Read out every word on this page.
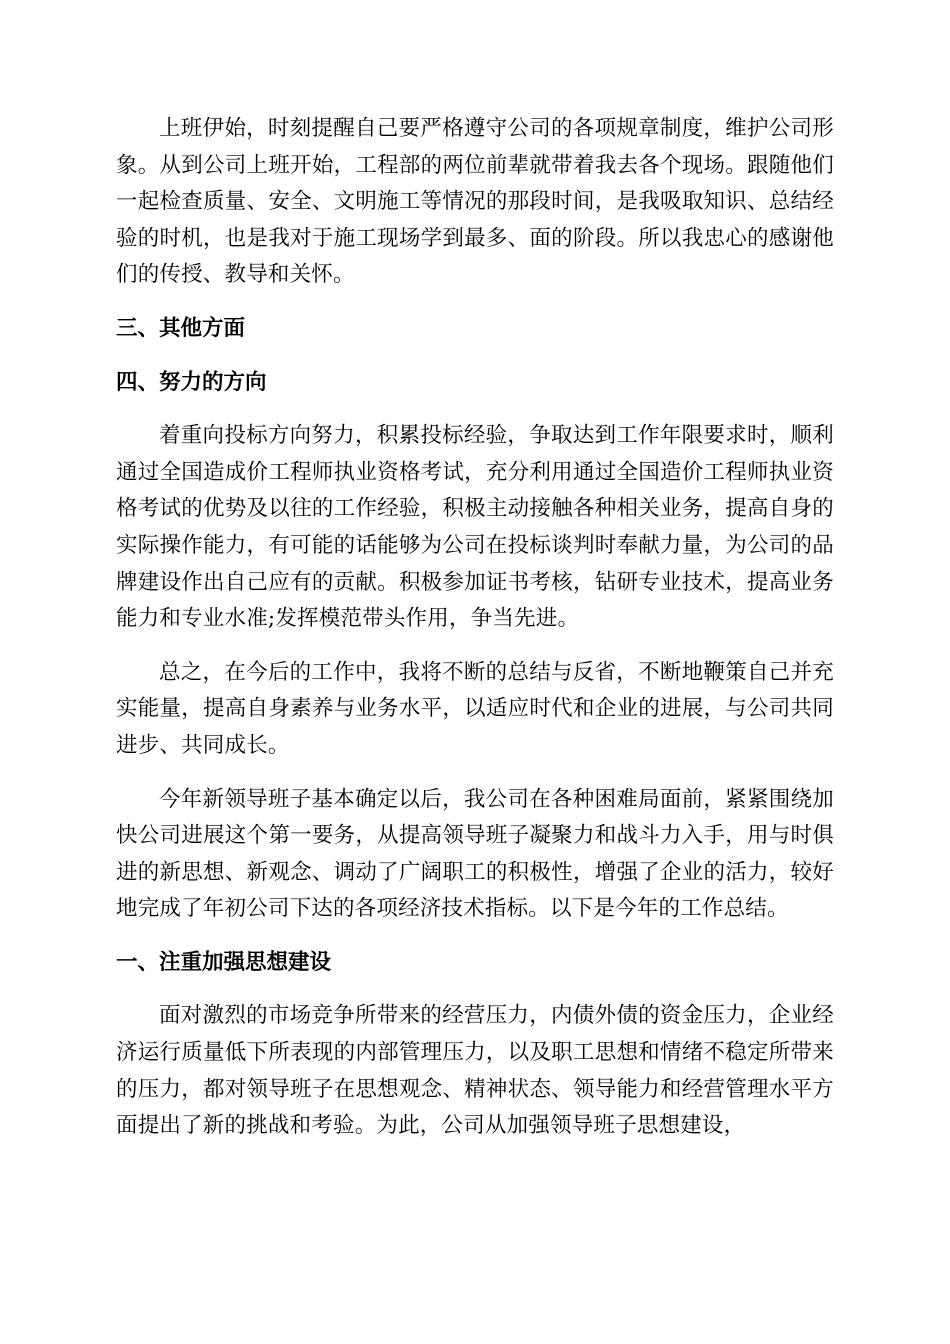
上班伊始，时刻提醒自己要严格遵守公司的各项规章制度，维护公司形象。从到公司上班开始，工程部的两位前辈就带着我去各个现场。跟随他们一起检查质量、安全、文明施工等情况的那段时间，是我吸取知识、总结经验的时机，也是我对于施工现场学到最多、面的阶段。所以我忠心的感谢他们的传授、教导和关怀。

三、其他方面

四、努力的方向

着重向投标方向努力，积累投标经验，争取达到工作年限要求时，顺利通过全国造成价工程师执业资格考试，充分利用通过全国造价工程师执业资格考试的优势及以往的工作经验，积极主动接触各种相关业务，提高自身的实际操作能力，有可能的话能够为公司在投标谈判时奉献力量，为公司的品牌建设作出自己应有的贡献。积极参加证书考核，钻研专业技术，提高业务能力和专业水准;发挥模范带头作用，争当先进。

总之，在今后的工作中，我将不断的总结与反省，不断地鞭策自己并充实能量，提高自身素养与业务水平，以适应时代和企业的进展，与公司共同进步、共同成长。

今年新领导班子基本确定以后，我公司在各种困难局面前，紧紧围绕加快公司进展这个第一要务，从提高领导班子凝聚力和战斗力入手，用与时俱进的新思想、新观念、调动了广阔职工的积极性，增强了企业的活力，较好地完成了年初公司下达的各项经济技术指标。以下是今年的工作总结。

一、注重加强思想建设

面对激烈的市场竞争所带来的经营压力，内债外债的资金压力，企业经济运行质量低下所表现的内部管理压力，以及职工思想和情绪不稳定所带来的压力，都对领导班子在思想观念、精神状态、领导能力和经营管理水平方面提出了新的挑战和考验。为此，公司从加强领导班子思想建设，
